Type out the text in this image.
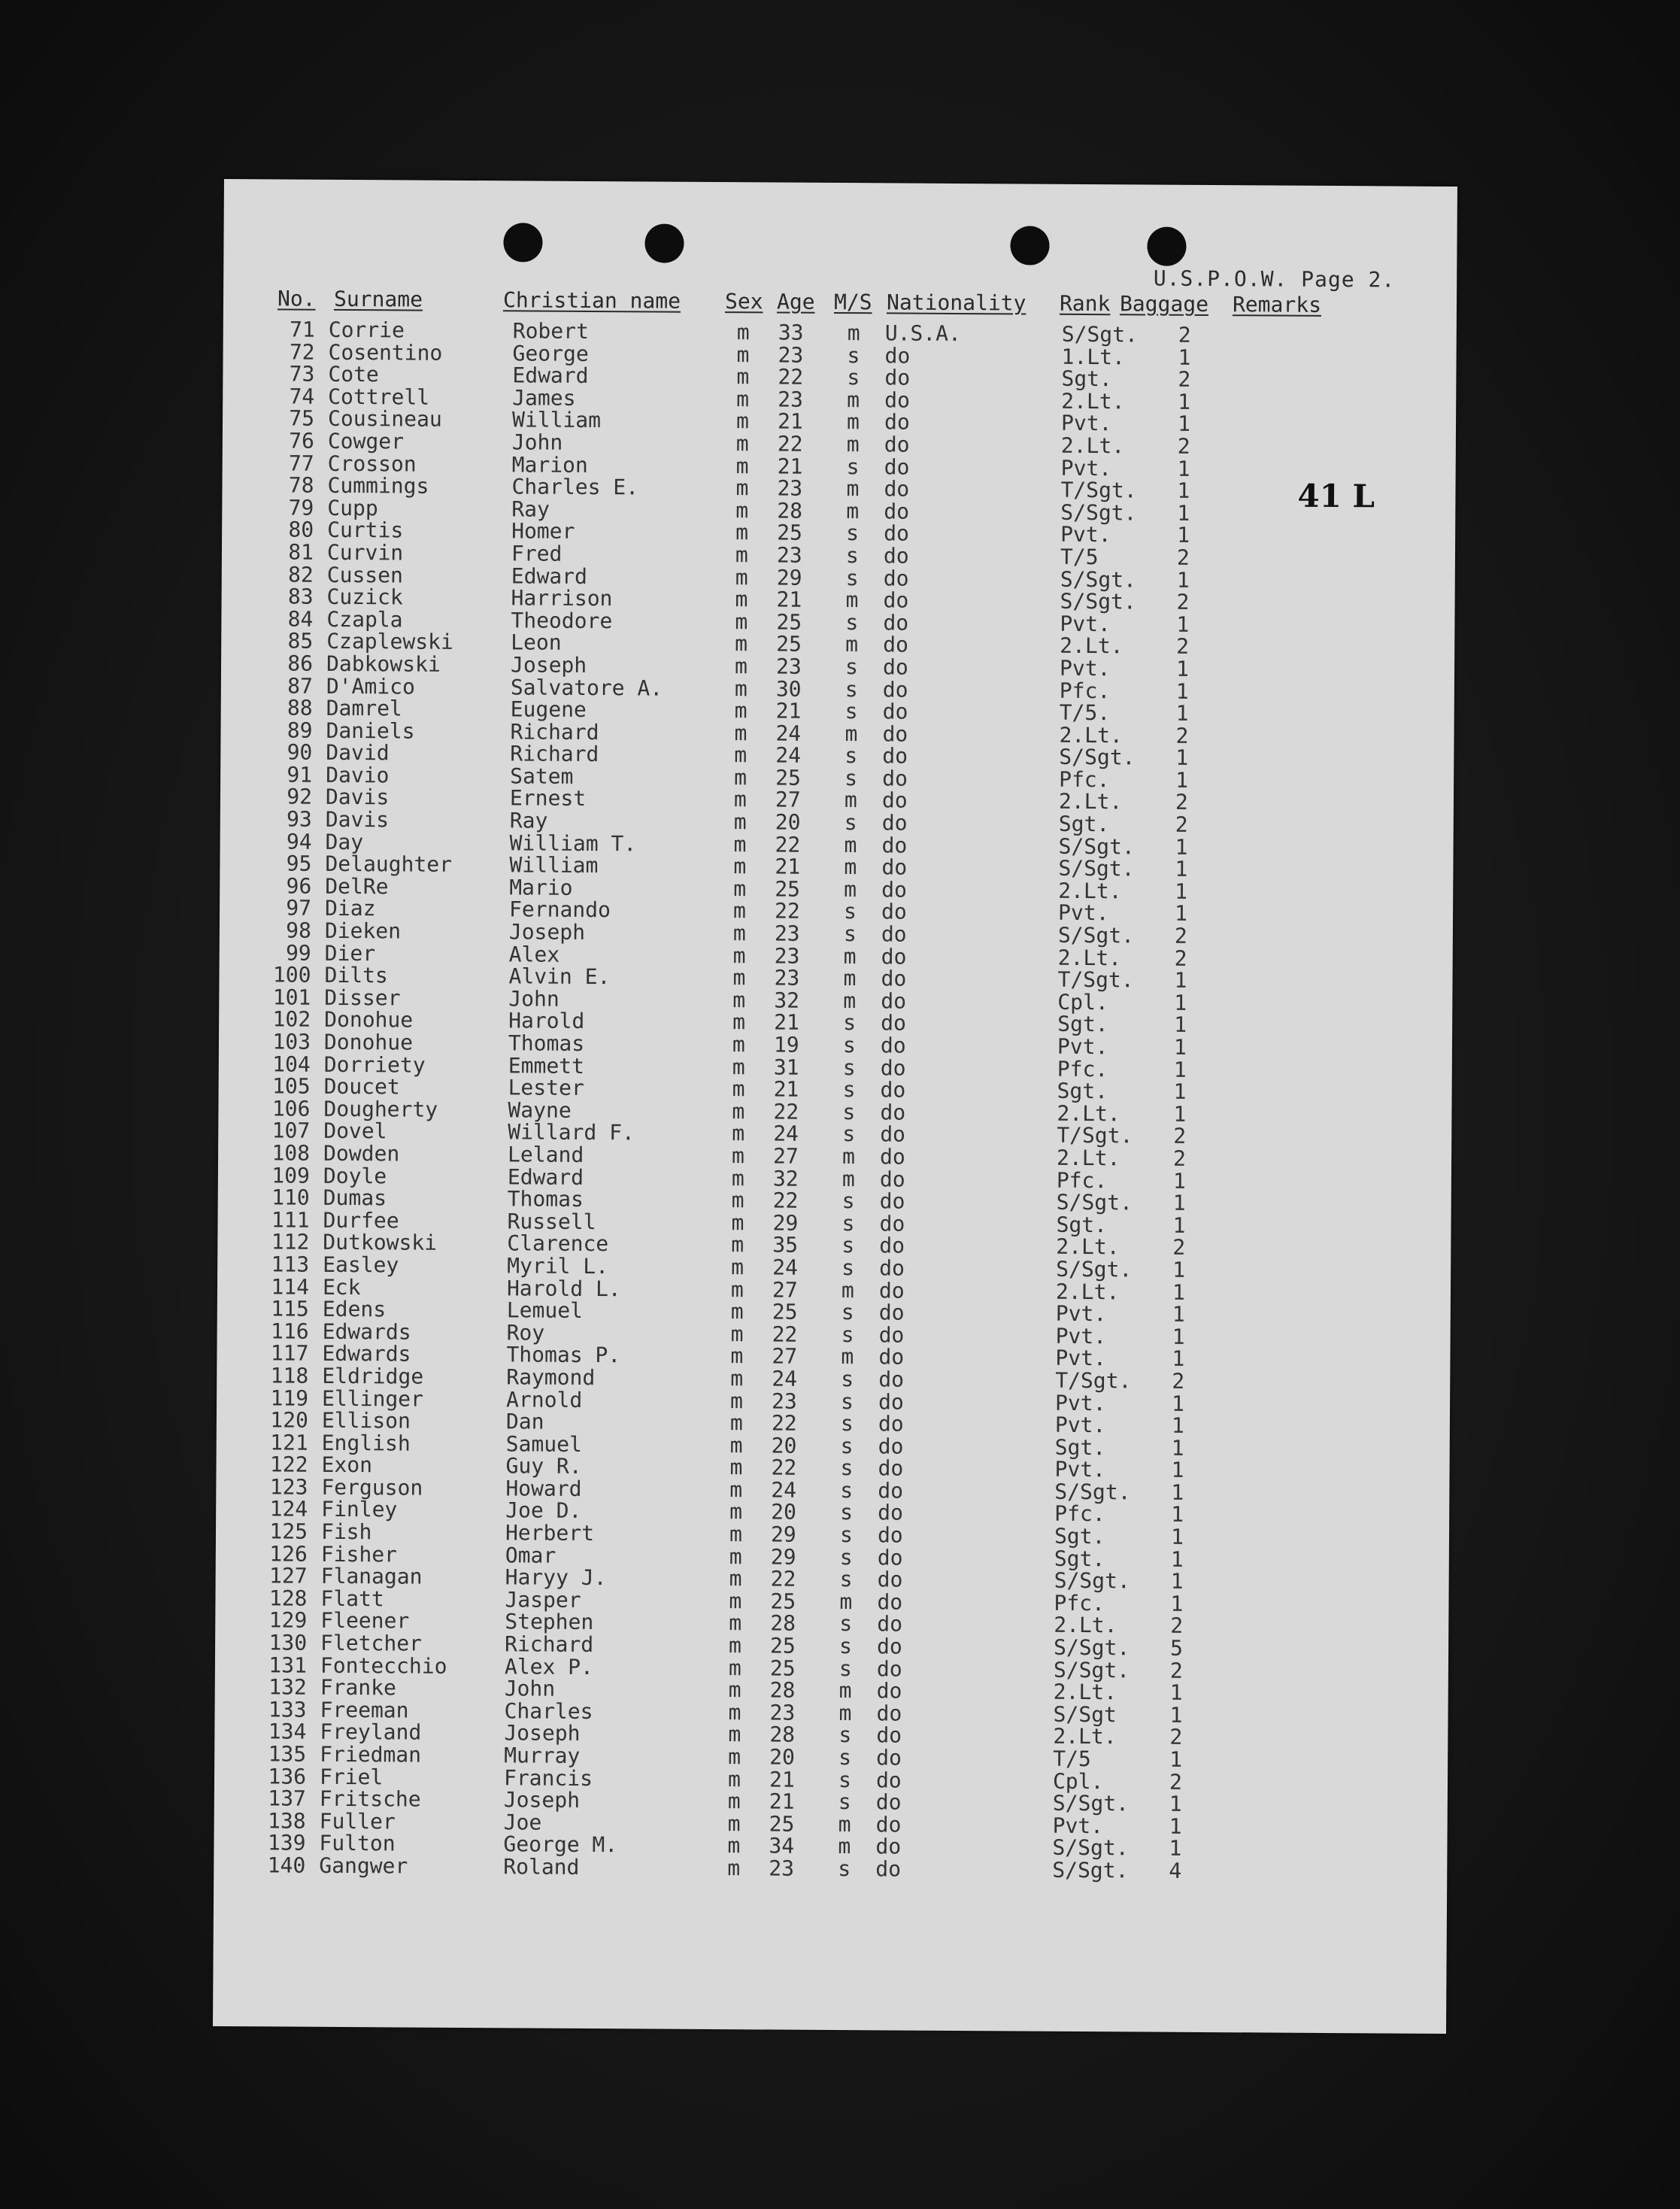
U.S.P.O.W. Page 2.
No. Surname	Christian name Sex Age M/S Nationality Rank Baggage Remarks
71 Corrie	Robert	m 33 m U.S.A.	S/Sgt. 2
72 Cosentino	George	m 23 s do	1.Lt.	1
73 Cote	Edward	m 22 s do	Sgt.	2
74 Cottrell	James	m 23 m do	2.Lt.	1
75 Cousineau	William	m 21 m do	Pvt.	1
76 Cowger	John	m 22 m do	2.Lt.	2
77 Crosson	Marion	m 21 s do	Pvt.	1
78 Cummings	Charles E.	m 23 m do	T/Sgt. 1
79 Cupp	Ray	m 28 m do	S/Sgt. 1
80 Curtis	Homer	m 25 s do	Pvt.	1
81 Curvin	Fred	m 23 s do	T/5	2
82 Cussen	Edward	m 29 s do	S/Sgt. 1
83 Cuzick	Harrison	m 21 m do	S/Sgt. 2
84 Czapla	Theodore	m 25 s do	Pvt.	1
85 Czaplewski	Leon	m 25 m do	2.Lt.	2
86 Dabkowski	Joseph	m 23 s do	Pvt.	1
87 D'Amico	Salvatore A.	m 30 s do	Pfc.	1
88 Damrel	Eugene	m 21 s do	T/5.	1
89 Daniels	Richard	m 24 m do	2.Lt.	2
90 David	Richard	m 24 s do	S/Sgt. 1
91 Davio	Satem	m 25 s do	Pfc.	1
92 Davis	Ernest	m 27 m do	2.Lt.	2
93 Davis	Ray	m 20 s do	Sgt.	2
94 Day	William T.	m 22 m do	S/Sgt. 1
95 Delaughter	William	m 21 m do	S/Sgt. 1
96 DelRe	Mario	m 25 m do	2.Lt.	1
97 Diaz	Fernando	m 22 s do	Pvt.	1
98 Dieken	Joseph	m 23 s do	S/Sgt. 2
99 Dier	Alex	m 23 m do	2.Lt.	2
100 Dilts	Alvin E.	m 23 m do	T/Sgt. 1
101 Disser	John	m 32 m do	Cpl.	1
102 Donohue	Harold	m 21 s do	Sgt.	1
103 Donohue	Thomas	m 19 s do	Pvt.	1
104 Dorriety	Emmett	m 31 s do	Pfc.	1
105 Doucet	Lester	m 21 s do	Sgt.	1
106 Dougherty	Wayne	m 22 s do	2.Lt.	1
107 Dovel	Willard F.	m 24 s do	T/Sgt. 2
108 Dowden	Leland	m 27 m do	2.Lt.	2
109 Doyle	Edward	m 32 m do	Pfc.	1
110 Dumas	Thomas	m 22 s do	S/Sgt. 1
111 Durfee	Russell	m 29 s do	Sgt.	1
112 Dutkowski	Clarence	m 35 s do	2.Lt.	2
113 Easley	Myril L.	m 24 s do	S/Sgt. 1
114 Eck	Harold L.	m 27 m do	2.Lt.	1
115 Edens	Lemuel	m 25 s do	Pvt.	1
116 Edwards	Roy	m 22 s do	Pvt.	1
117 Edwards	Thomas P.	m 27 m do	Pvt.	1
118 Eldridge	Raymond	m 24 s do	T/Sgt. 2
119 Ellinger	Arnold	m 23 s do	Pvt.	1
120 Ellison	Dan	m 22 s do	Pvt.	1
121 English	Samuel	m 20 s do	Sgt.	1
122 Exon	Guy R.	m 22 s do	Pvt.	1
123 Ferguson	Howard	m 24 s do	S/Sgt. 1
124 Finley	Joe D.	m 20 s do	Pfc.	1
125 Fish	Herbert	m 29 s do	Sgt.	1
126 Fisher	Omar	m 29 s do	Sgt.	1
127 Flanagan	Haryy J.	m 22 s do	S/Sgt. 1
128 Flatt	Jasper	m 25 m do	Pfc.	1
129 Fleener	Stephen	m 28 s do	2.Lt.	2
130 Fletcher	Richard	m 25 s do	S/Sgt. 5
131 Fontecchio	Alex P.	m 25 s do	S/Sgt. 2
132 Franke	John	m 28 m do	2.Lt.	1
133 Freeman	Charles	m 23 m do	S/Sgt	1
134 Freyland	Joseph	m 28 s do	2.Lt.	2
135 Friedman	Murray	m 20 s do	T/5	1
136 Friel	Francis	m 21 s do	Cpl.	2
137 Fritsche	Joseph	m 21 s do	S/Sgt. 1
138 Fuller	Joe	m 25 m do	Pvt.	1
139 Fulton	George M.	m 34 m do	S/Sgt. 1
140 Gangwer	Roland	m 23 s do	S/Sgt. 4
41 L
